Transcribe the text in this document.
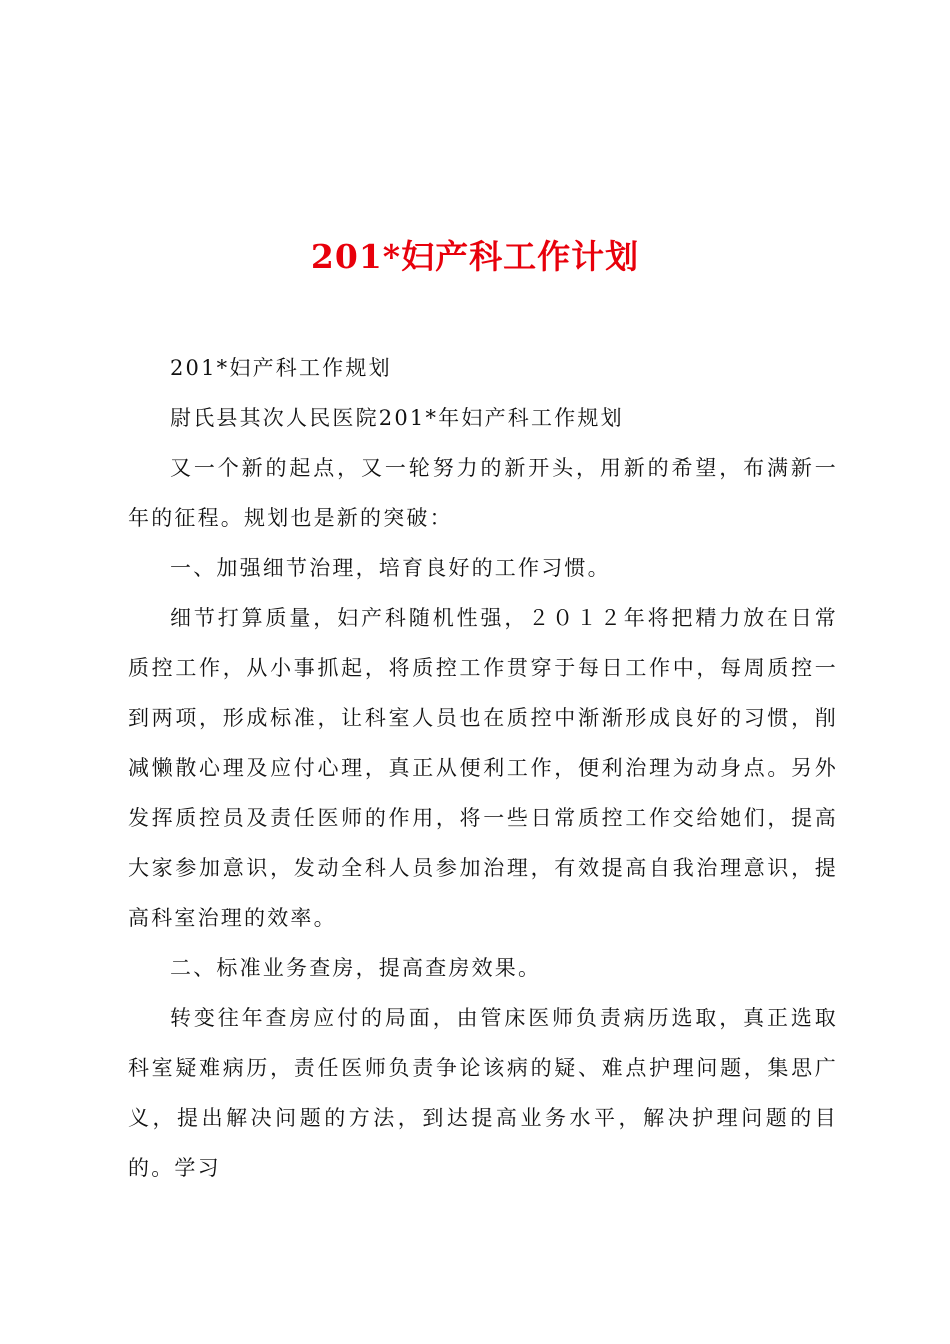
201*妇产科工作计划

201*妇产科工作规划

尉氏县其次人民医院201*年妇产科工作规划

又一个新的起点，又一轮努力的新开头，用新的希望，布满新一年的征程。规划也是新的突破：

一、加强细节治理，培育良好的工作习惯。

细节打算质量，妇产科随机性强，２０１２年将把精力放在日常质控工作，从小事抓起，将质控工作贯穿于每日工作中，每周质控一到两项，形成标准，让科室人员也在质控中渐渐形成良好的习惯，削减懒散心理及应付心理，真正从便利工作，便利治理为动身点。另外发挥质控员及责任医师的作用，将一些日常质控工作交给她们，提高大家参加意识，发动全科人员参加治理，有效提高自我治理意识，提高科室治理的效率。

二、标准业务查房，提高查房效果。

转变往年查房应付的局面，由管床医师负责病历选取，真正选取科室疑难病历，责任医师负责争论该病的疑、难点护理问题，集思广义，提出解决问题的方法，到达提高业务水平，解决护理问题的目的。学习
